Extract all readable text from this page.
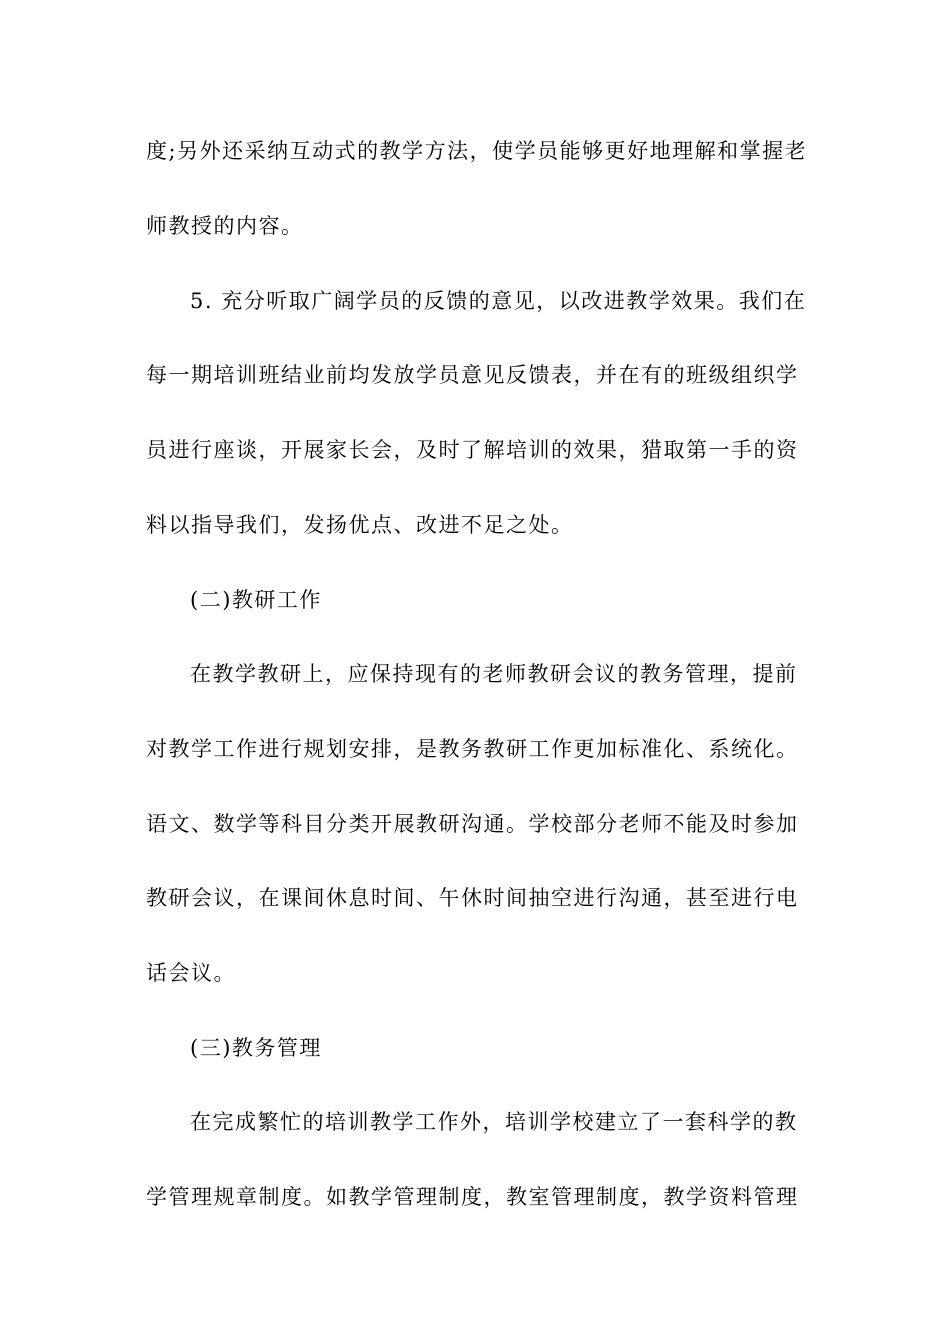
度;另外还采纳互动式的教学方法，使学员能够更好地理解和掌握老
师教授的内容。
5. 充分听取广阔学员的反馈的意见，以改进教学效果。我们在
每一期培训班结业前均发放学员意见反馈表，并在有的班级组织学
员进行座谈，开展家长会，及时了解培训的效果，猎取第一手的资
料以指导我们，发扬优点、改进不足之处。
(二)教研工作
在教学教研上，应保持现有的老师教研会议的教务管理，提前
对教学工作进行规划安排，是教务教研工作更加标准化、系统化。
语文、数学等科目分类开展教研沟通。学校部分老师不能及时参加
教研会议，在课间休息时间、午休时间抽空进行沟通，甚至进行电
话会议。
(三)教务管理
在完成繁忙的培训教学工作外，培训学校建立了一套科学的教
学管理规章制度。如教学管理制度，教室管理制度，教学资料管理
